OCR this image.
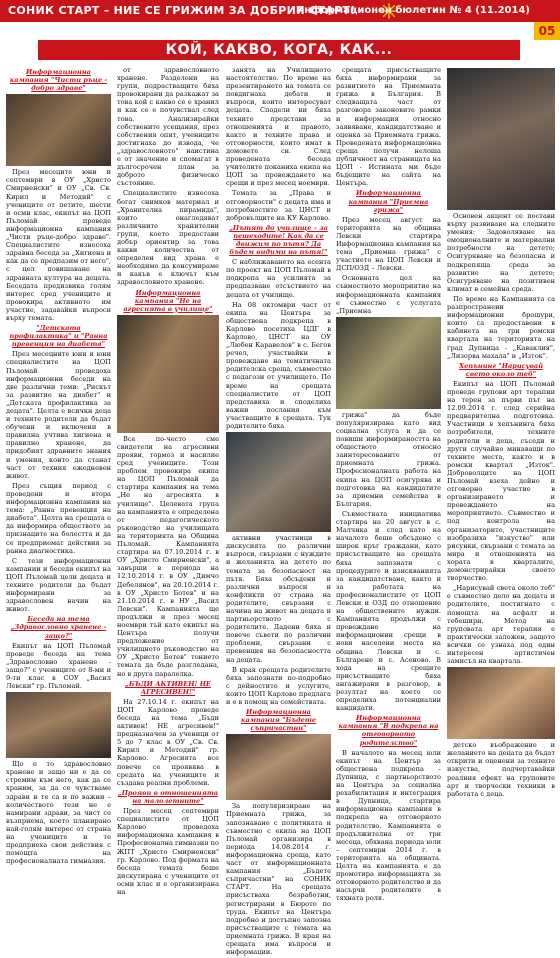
СОНИК СТАРТ – НИЕ СЕ ГРИЖИМ ЗА ДОБРИЯ СТАРТ!
Информационен бюлетин № 4 (11.2014)
05
КОЙ, КАКВО, КОГА, КАК...
Информационна кампания "Чисти ръце - добро здраве"
През месеците юни и септември в ОУ „Христо Смирненски" и ОУ „Св. Св. Кирил и Методий" с учениците от петите, шести и осми клас, екипът на ЦОП Пъломай проведе информационна кампания „Чисти ръце-добро здраве". Специалистите изнесоха здравна беседа за „Хигиена и как да се предпазим от него", с цел повишаване на здравната култура на децата. Беседата предизвика голям интерес сред учениците и провокира активното им участие, задавайки въпроси върху темата.
"Детската профилактика" и "Ранна превенция на диабета"
През месецните юни и юни специалистите на ЦОП Пъломай проведоха информационни беседи на две различни теми: „Рискът за развитие на диабет" и „Детската профилактика за децата". Целта е всички деца и техните родители да бъдат обучени и включени в правилна учтива хигиена и правилно хранене, да придобият здравните знания и умения, които да станат част от техния ежедневен живот.
През същия период с проведени и втора информационна кампания на тема: „Ранна превенция на диабета". Целта на срещата е да информира обществото за признаците на болестта и да се предприемат действия за ранна диагностика.
С тези информационни кампании и беседи екипът на ЦОП Пъломай цели децата и техните родители да бъдат информирани за здравословен начин на живот.
Беседа на тема „Здравословно хранене - защо?"
Екипът на ЦОП Пъломай проведе беседа на тема „Здравословно хранене - защо?" с учениците от 8-ми и 9-ти клас в СОУ „Васил Левски" гр. Пъломай.
Що е то здравословно хранене и защо ни е да се стремим към него, как да се храним, за да се чувстваме здрави и те са и по важни – количеството тези не е намирани здрави, за чист се възприема, което планирано най-голям интерес от страна на учениците и те предприеха свои действия с помощта на професионалната гимназия.
от здравословното хранене. Разделени на групи, подрастващите бяха провокирани да разкажат за това кой с какво се е хранил и как се е почувствал след това. Анализирайки собствените усещания, през собствения опит, учениците достигнаха до извода, че „здравословното" наистина е от значение и спомагат в дългосрочен план за доброто физическо състояние.
Специалистите изнесоха богат снимков материал и „Хранителна пирамида", които онагледяват различните хранителни групи, което предостави добър ориентир за това какви количества от определен вид храна е необходимо да консумираме и какъв е ключът към здравословното хранене.
Информационна кампания "Не на агресията в училище"
Все по-често сме свидетели на агресивни прояви, тормоз и насилие сред учениците. Този проблем провокира екипа на ЦОП Пъломай да стартира кампания на тема „Не на агресията в училище". Целевата група на кампанията е определена от педагогическото ръководство на училищата на територията на Община Пъломай. Кампанията стартира на 07.10.2014 г. в ОУ „Христо Смирненски", а завърши в периода на 12.10.2014 г. в ОУ „Димчо Дебелянов", на 20.10.2014 г. в ОУ „Христо Ботев" и на 21.10.2014 г. в НУ „Васил Левски". Кампанията ще продължи и през месец ноември тъй като екипът на Центъра получи предложение от училищното ръководство на ОУ „Христо Ботев" тонието темата да бъде разгледана, но в друга паралелка.
„БЪДИ АКТИВЕН! НЕ АГРЕСИВЕН!"
На 27.10.14 г. екипът на ЦОП Карлово проведе беседа на тема „Бъди активен! НЕ агресивен!" предназначен за ученици от 5 до 7 клас в ОУ „Св. Св. Кирил и Методий" гр. Карлово. Агресията все повече се проявява в средата на учениците и създава реални проблеми.
„Прояви в отношенията на малолетните"
През месец септември специалистите от ЦОП Карлово проведоха информационна кампания в Професионална гимназия по ЖПТ „Христо Смирненски" гр. Карлово. Под формата на беседа темата беше дискутирана с учениците от осми клас и е организирана на
занята на Училищното настоятелство. По време на презентирането на темата се повдигнаха дебати и въпроси, които интересуват децата. Сподели ни бяха техните представи за отношенията и правото, както и техните права и отговорности, които имат в домовете си. След проведената беседа учителите поканиха екипа на ЦОП за провеждането на срещи и през месец ноември.
Темата за „Права и отговорности" с децата има и потребностите за ЦНСТ и добровълците на КУ Карлово.
„Пътят до училище – за пешеходите! Как да се движим по пътя? Да бъдем видими на пътя!"
С наближаването на есента по проект на ЦОП Пъломай в подкрепа на усилията за предпазване отсъствието на децата от училище.
На 08 октомври част от екипа на Центъра за обществена подкрепа в Карлово посетиха ЦДГ в Карлово, ЦНСТ на ОУ „Любен Каравелов" в с. Бегов речел, участвайки в провеждане на тематичната родителска среща, съвместно с педагози от училището. По време на срещата специалистите от ЦОП представиха и споделиха важни послания към участващите в срещата. Тук родителите бяха
активни участници в дискусията по различни въпроси, свързани с нуждите и желанията на детето по темата за безопасност на пътя. Бяха обсъдени и различни въпроси и конфликти от страна на родителите, свързани с начина на живот на децата и партньорството с родителите. Дадени бяха и повече съвети по различни проблеми, свързани с превенция на безопасността на децата.
В края срещата родителите бяха запознати по-подробно с дейностите и услугите, които ЦОП Карлово предлага и е в помощ на семействата.
Информационна кампания "Бъдете съпричастни"
За популяризиране на Приемната грижа, за запознаване с политиката и съвместно с екипа на ЦОП Пъломай организира в периода 14.08.2014 г. информационна среща, като част от информационната кампания „Бъдете съпричастни" на СОНИК СТАРТ. На срещата присъстваха безработни, регистрирани в Бюрото по труда. Екипът на Центъра подробно и достъпно запозна присъстващите с темата на приемната грижа. В края на срещата има въпроси и информации.
срещата присъстващите бяха информирани за развитието на Приемната грижа в България. В следващата част от разговора законовите рамки и информация относно заявяване, кандидатстване и оценка за Приемната грижа. Проведената информационна среща получи нелоша публичност на страницата на ЦОП - Истината ми бъде бъдещите на сайта на Центъра.
Информационна кампания "Приемна грижа"
През месец август на територията на община Левски стартира Информационна кампания на тема „Приемна грижа" с участието на ЦОП Левски и ДСП/ОЗД – Левски.
Основната цел на съвместното мероприятие на информационната кампания е съвместно с услугата „Приемна
грижа" да бъде популяризирана като вид социална услуга и да се повиши информираността на обществото относно заинтересованите от приемната грижа. Професионалната работа на екипа на ЦОП осигурява и подготовка на кандидатите за приемни семейства в България.
Съвместната инициатива стартира на 20 август в с. Малчика и след като на началото беше обсъдено с широк кръг граждани, като присъстващите на срещата бяха запознати с процедурите и изискванията за кандидатстване, както и за работата на професионалистите от ЦОП Левски и ОЗД по отношение на обществените нужди. Кампанията продължи с провеждане на информационни срещи в нови населени места на община Левски и с. Българене и с. Асеново. В хода на срещите присъстващите бяха ангажирани в разговор, в резултат на което се определиха потенциални кандидати.
Информационна кампания "В подкрепа на отговорното родителство"
В началото на месец юли екипът на Център за обществена подкрепа – Дупница, с партньорството на Центъра за социална рехабилитация и интеграция в Дупница, стартира информационна кампания в подкрепа на отговорното родителство. Кампанията е продължителна от три месеца, обхвана периода юли – септември 2014 г. в територията на общината. Целта на кампанията е да промотира информацията за отговорното родителство и да насърчи родителите в тяхната роля.
Основен акцент се постави върху развиване на следните умения: Задоволяване на емоционалните и материални потребности на детето; Осигуряване на безопасна и подкрепяща среда за развитие на детето; Осигуряване на позитивен климат в семейна среда.
По време на Кампанията са разпространени информационни брошури, които са предоставени в кабинета на три ромски квартала на територията на град Дупница - „Каваклия", „Лизорва махала" и „Изток".
Хепънинг "Нарисувай свето около теб"
Екипът на ЦОП Пъломай проведе групови арт терапии на терен за първи път на 12.09.2014 г. след серийна предварителна подготовка. Участници в хепънинга бяха потребители, техните родители и деца, съседи и други случайно минаващи по техните места, както и в ромски квартал „Изток". Доброволците на ЦОП Пъломай взеха дейно и отговорно участие в организирането и провеждането на мероприятието. Съвместно и под контрола на организаторите, участниците изобразиха "изкуство" или рисунки, свързани с темата за мира и отношенията на хората в кварталите, демонстрирайки своето творчество.
„Нарисувай света около теб" е съвместно дело на децата и родителите, постигнато с помощта на асфалт и тебешири. Метод на груповата арт терапия е практически заложен, защото всички се узнаха под един интересен артистичен замисъл на квартала.
детско въображение и желанието на децата да бъдат открити и оценени за техните изкуства, подчертавайки реалния ефект на груповите арт и творчески техники в работата с деца.
